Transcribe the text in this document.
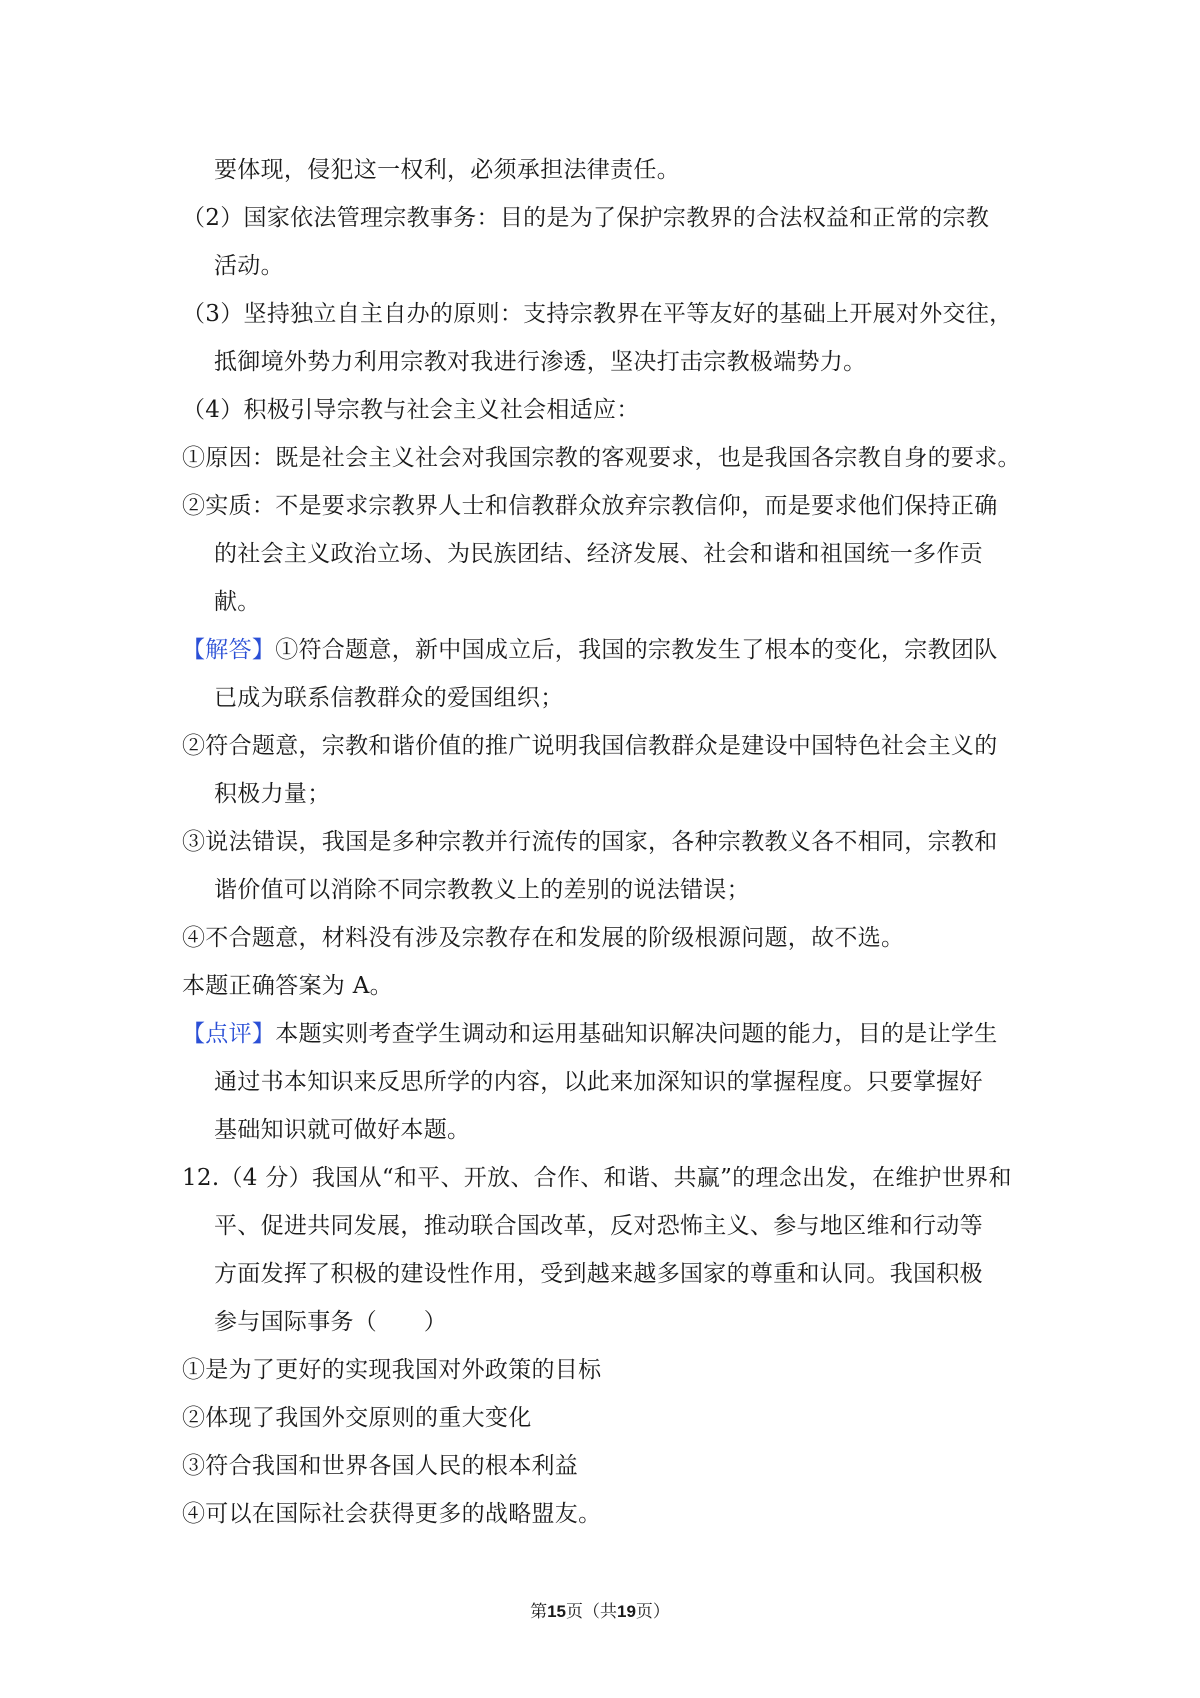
要体现，侵犯这一权利，必须承担法律责任。
（2）国家依法管理宗教事务：目的是为了保护宗教界的合法权益和正常的宗教
活动。
（3）坚持独立自主自办的原则：支持宗教界在平等友好的基础上开展对外交往，
抵御境外势力利用宗教对我进行渗透，坚决打击宗教极端势力。
（4）积极引导宗教与社会主义社会相适应：
①原因：既是社会主义社会对我国宗教的客观要求，也是我国各宗教自身的要求。
②实质：不是要求宗教界人士和信教群众放弃宗教信仰，而是要求他们保持正确
的社会主义政治立场、为民族团结、经济发展、社会和谐和祖国统一多作贡
献。
【解答】①符合题意，新中国成立后，我国的宗教发生了根本的变化，宗教团队
已成为联系信教群众的爱国组织；
②符合题意，宗教和谐价值的推广说明我国信教群众是建设中国特色社会主义的
积极力量；
③说法错误，我国是多种宗教并行流传的国家，各种宗教教义各不相同，宗教和
谐价值可以消除不同宗教教义上的差别的说法错误；
④不合题意，材料没有涉及宗教存在和发展的阶级根源问题，故不选。
本题正确答案为 A。
【点评】本题实则考查学生调动和运用基础知识解决问题的能力，目的是让学生
通过书本知识来反思所学的内容，以此来加深知识的掌握程度。只要掌握好
基础知识就可做好本题。
12.（4 分）我国从“和平、开放、合作、和谐、共赢”的理念出发，在维护世界和
平、促进共同发展，推动联合国改革，反对恐怖主义、参与地区维和行动等
方面发挥了积极的建设性作用，受到越来越多国家的尊重和认同。我国积极
参与国际事务（　　）
①是为了更好的实现我国对外政策的目标
②体现了我国外交原则的重大变化
③符合我国和世界各国人民的根本利益
④可以在国际社会获得更多的战略盟友。
第15页（共19页）
